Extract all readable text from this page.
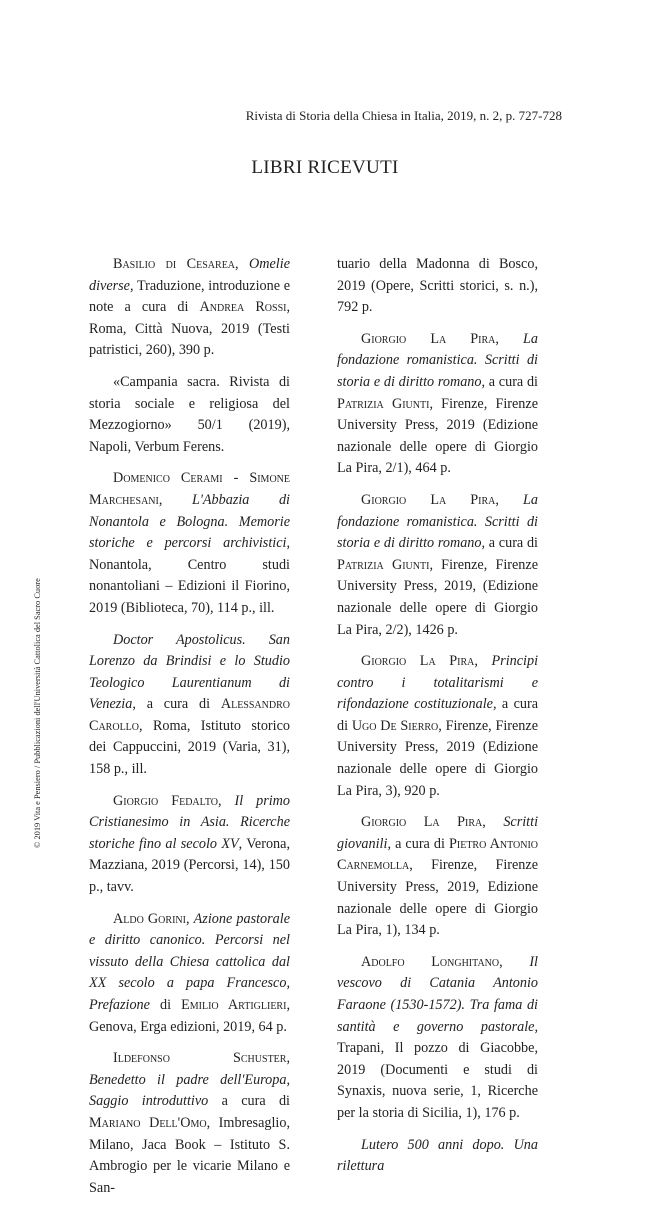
Rivista di Storia della Chiesa in Italia, 2019, n. 2, p. 727-728
LIBRI RICEVUTI
© 2019 Vita e Pensiero / Pubblicazioni dell'Università Cattolica del Sacro Cuore

Basilio di Cesarea, Omelie diverse, Traduzione, introduzione e note a cura di Andrea Rossi, Roma, Città Nuova, 2019 (Testi patristici, 260), 390 p.

«Campania sacra. Rivista di storia sociale e religiosa del Mezzogiorno» 50/1 (2019), Napoli, Verbum Ferens.

Domenico Cerami - Simone Marchesani, L'Abbazia di Nonantola e Bologna. Memorie storiche e percorsi archivistici, Nonantola, Centro studi nonantoliani – Edizioni il Fiorino, 2019 (Biblioteca, 70), 114 p., ill.

Doctor Apostolicus. San Lorenzo da Brindisi e lo Studio Teologico Laurentianum di Venezia, a cura di Alessandro Carollo, Roma, Istituto storico dei Cappuccini, 2019 (Varia, 31), 158 p., ill.

Giorgio Fedalto, Il primo Cristianesimo in Asia. Ricerche storiche fino al secolo XV, Verona, Mazziana, 2019 (Percorsi, 14), 150 p., tavv.

Aldo Gorini, Azione pastorale e diritto canonico. Percorsi nel vissuto della Chiesa cattolica dal XX secolo a papa Francesco, Prefazione di Emilio Artiglieri, Genova, Erga edizioni, 2019, 64 p.

Ildefonso Schuster, Benedetto il padre dell'Europa, Saggio introduttivo a cura di Mariano Dell'Omo, Imbresaglio, Milano, Jaca Book – Istituto S. Ambrogio per le vicarie Milano e San-

tuario della Madonna di Bosco, 2019 (Opere, Scritti storici, s. n.), 792 p.

Giorgio La Pira, La fondazione romanistica. Scritti di storia e di diritto romano, a cura di Patrizia Giunti, Firenze, Firenze University Press, 2019 (Edizione nazionale delle opere di Giorgio La Pira, 2/1), 464 p.

Giorgio La Pira, La fondazione romanistica. Scritti di storia e di diritto romano, a cura di Patrizia Giunti, Firenze, Firenze University Press, 2019, (Edizione nazionale delle opere di Giorgio La Pira, 2/2), 1426 p.

Giorgio La Pira, Principi contro i totalitarismi e rifondazione costituzionale, a cura di Ugo De Sierro, Firenze, Firenze University Press, 2019 (Edizione nazionale delle opere di Giorgio La Pira, 3), 920 p.

Giorgio La Pira, Scritti giovanili, a cura di Pietro Antonio Carnemolla, Firenze, Firenze University Press, 2019, Edizione nazionale delle opere di Giorgio La Pira, 1), 134 p.

Adolfo Longhitano, Il vescovo di Catania Antonio Faraone (1530-1572). Tra fama di santità e governo pastorale, Trapani, Il pozzo di Giacobbe, 2019 (Documenti e studi di Synaxis, nuova serie, 1, Ricerche per la storia di Sicilia, 1), 176 p.

Lutero 500 anni dopo. Una rilettura
